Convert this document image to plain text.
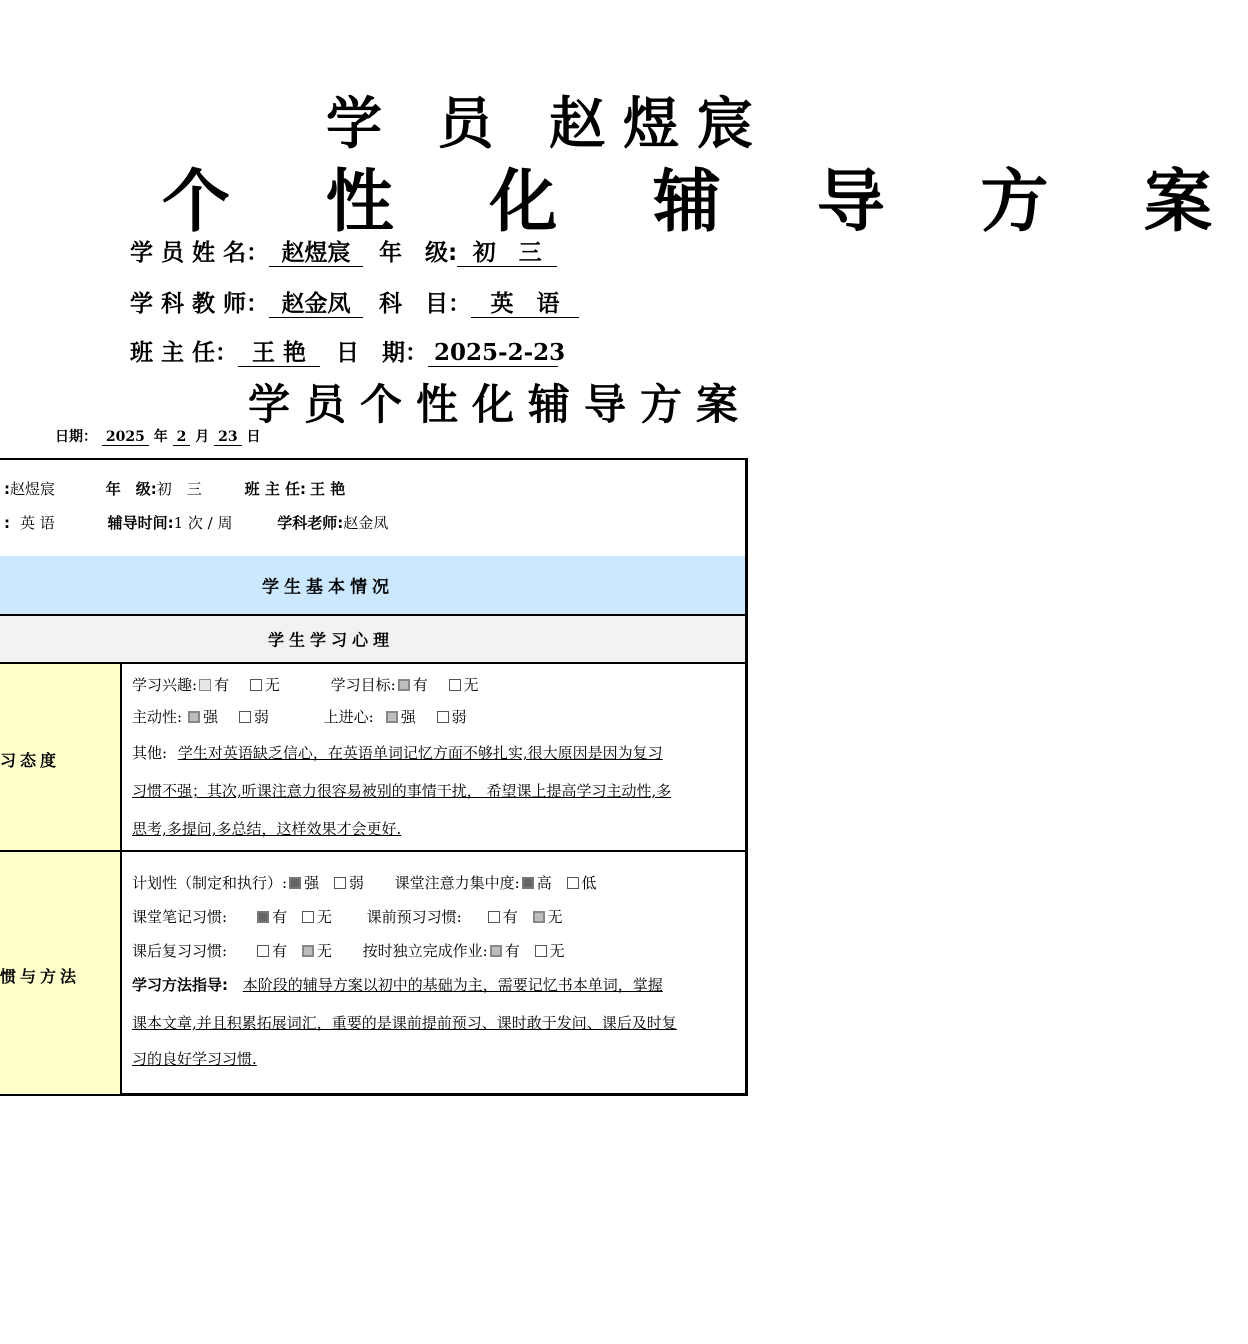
学 员 赵煜宸
个 性 化 辅 导 方 案
学 员 姓 名： 赵煜宸 年　级: 初　三
学 科 教 师： 赵金凤 科　目： 英　语
班 主 任： 王 艳 日　期： 2025-2-23
学员个性化辅导方案
日期： 2025 年 2 月 23 日
:赵煜宸	年　级:初　三	班 主 任: 王 艳
: 英 语	辅导时间:1 次 / 周	学科老师:赵金凤
学生基本情况
学生学习心理
习态度
学习兴趣: 有 无	学习目标: 有 无
主动性: 强 弱	上进心: 强 弱
其他: 学生对英语缺乏信心，在英语单词记忆方面不够扎实,很大原因是因为复习
习惯不强；其次,听课注意力很容易被别的事情干扰， 希望课上提高学习主动性,多
思考,多提问,多总结，这样效果才会更好.
惯与方法
计划性（制定和执行）: 强 弱 课堂注意力集中度: 高 低
课堂笔记习惯:	有 无 课前预习习惯:	有 无
课后复习习惯:	有 无 按时独立完成作业: 有 无
学习方法指导: 本阶段的辅导方案以初中的基础为主，需要记忆书本单词，掌握
课本文章,并且积累拓展词汇，重要的是课前提前预习、课时敢于发问、课后及时复
习的良好学习习惯.
